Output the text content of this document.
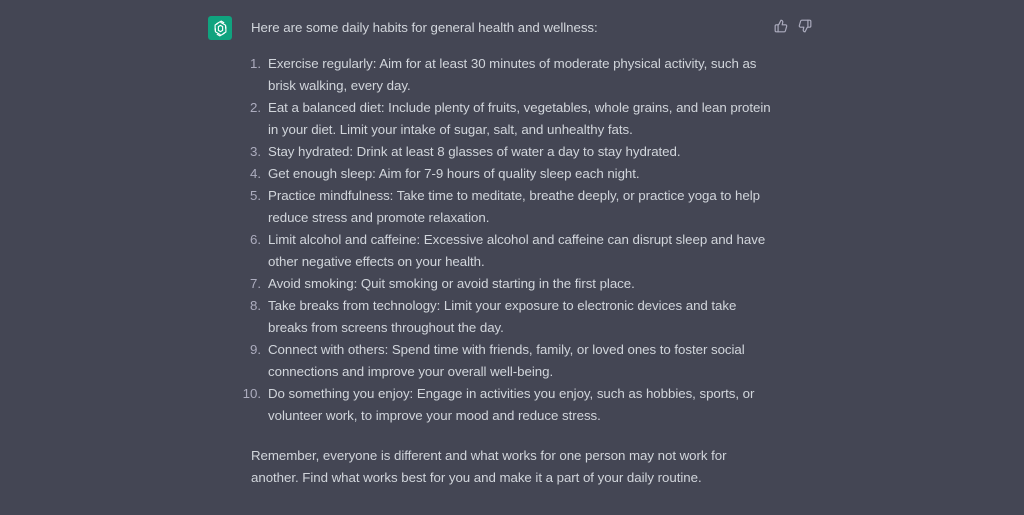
Here are some daily habits for general health and wellness:

1. Exercise regularly: Aim for at least 30 minutes of moderate physical activity, such as brisk walking, every day.
2. Eat a balanced diet: Include plenty of fruits, vegetables, whole grains, and lean protein in your diet. Limit your intake of sugar, salt, and unhealthy fats.
3. Stay hydrated: Drink at least 8 glasses of water a day to stay hydrated.
4. Get enough sleep: Aim for 7-9 hours of quality sleep each night.
5. Practice mindfulness: Take time to meditate, breathe deeply, or practice yoga to help reduce stress and promote relaxation.
6. Limit alcohol and caffeine: Excessive alcohol and caffeine can disrupt sleep and have other negative effects on your health.
7. Avoid smoking: Quit smoking or avoid starting in the first place.
8. Take breaks from technology: Limit your exposure to electronic devices and take breaks from screens throughout the day.
9. Connect with others: Spend time with friends, family, or loved ones to foster social connections and improve your overall well-being.
10. Do something you enjoy: Engage in activities you enjoy, such as hobbies, sports, or volunteer work, to improve your mood and reduce stress.

Remember, everyone is different and what works for one person may not work for another. Find what works best for you and make it a part of your daily routine.
